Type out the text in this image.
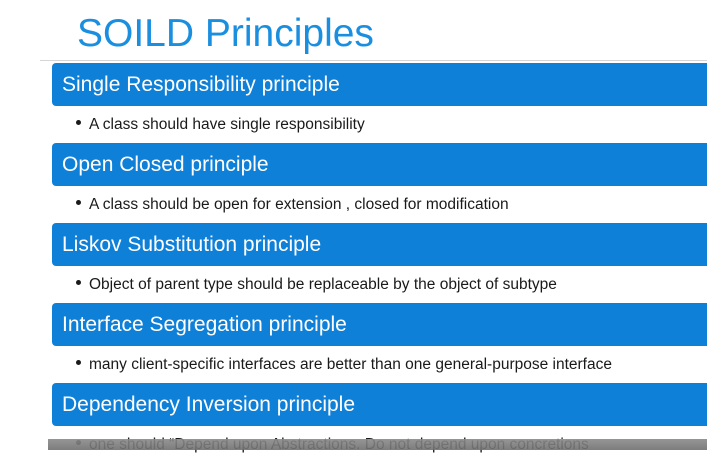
SOILD Principles
Single Responsibility principle
A class should have single responsibility
Open Closed principle
A class should be open for extension , closed for modification
Liskov Substitution principle
Object of parent type should be replaceable by the object of subtype
Interface Segregation principle
many client-specific interfaces are better than one general-purpose interface
Dependency Inversion principle
